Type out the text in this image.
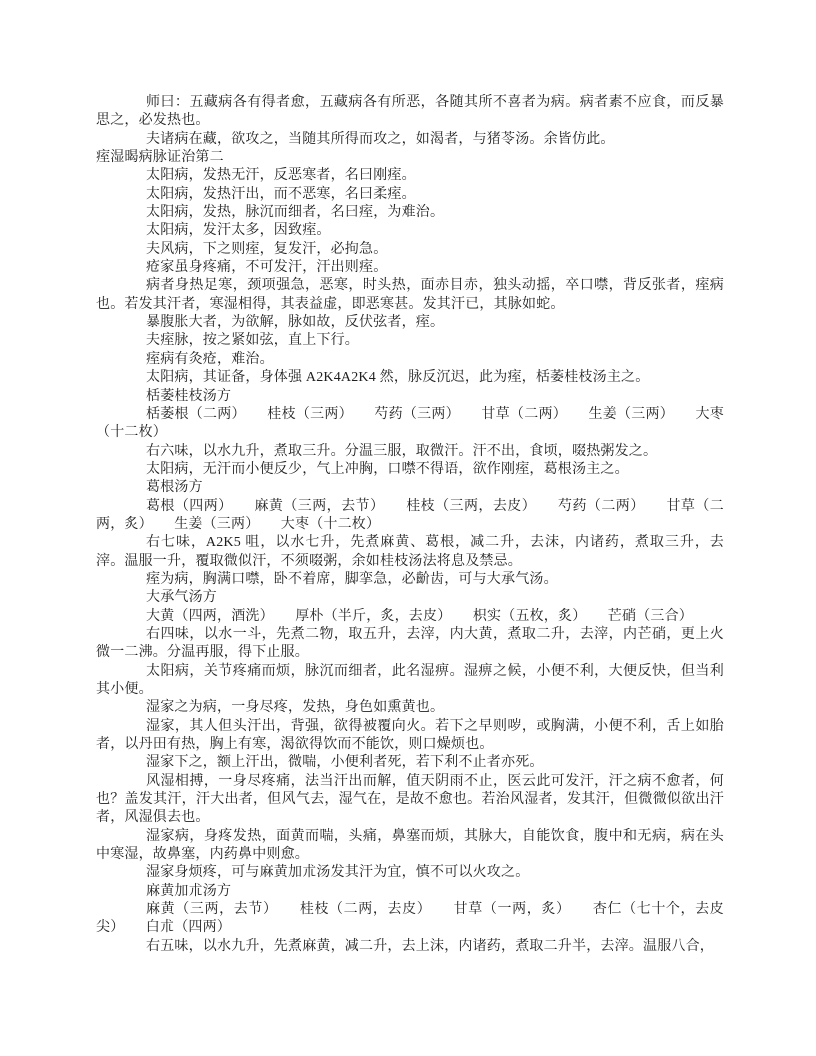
师曰：五藏病各有得者愈，五藏病各有所恶，各随其所不喜者为病。病者素不应食，而反暴思之，必发热也。

夫诸病在藏，欲攻之，当随其所得而攻之，如渴者，与猪苓汤。余皆仿此。

痓湿暍病脉证治第二

太阳病，发热无汗，反恶寒者，名曰刚痓。

太阳病，发热汗出，而不恶寒，名曰柔痓。

太阳病，发热，脉沉而细者，名曰痓，为难治。

太阳病，发汗太多，因致痓。

夫风病，下之则痓，复发汗，必拘急。

疮家虽身疼痛，不可发汗，汗出则痓。

病者身热足寒，颈项强急，恶寒，时头热，面赤目赤，独头动摇，卒口噤，背反张者，痓病也。若发其汗者，寒湿相得，其表益虚，即恶寒甚。发其汗已，其脉如蛇。

暴腹胀大者，为欲解，脉如故，反伏弦者，痓。

夫痓脉，按之紧如弦，直上下行。

痓病有灸疮，难治。

太阳病，其证备，身体强 A2K4A2K4 然，脉反沉迟，此为痓，栝萎桂枝汤主之。

栝萎桂枝汤方

栝萎根（二两）　　桂枝（三两）　　芍药（三两）　　甘草（二两）　　生姜（三两）　　大枣（十二枚）

右六味，以水九升，煮取三升。分温三服，取微汗。汗不出，食顷，啜热粥发之。

太阳病，无汗而小便反少，气上冲胸，口噤不得语，欲作刚痓，葛根汤主之。

葛根汤方

葛根（四两）　　麻黄（三两，去节）　　桂枝（三两，去皮）　　芍药（二两）　　甘草（二两，炙）　　生姜（三两）　　大枣（十二枚）

右七味，A2K5 咀，以水七升，先煮麻黄、葛根，减二升，去沫，内诸药，煮取三升，去滓。温服一升，覆取微似汗，不须啜粥，余如桂枝汤法将息及禁忌。

痓为病，胸满口噤，卧不着席，脚挛急，必齘齿，可与大承气汤。

大承气汤方

大黄（四两，酒洗）　　厚朴（半斤，炙，去皮）　　枳实（五枚，炙）　　芒硝（三合）

右四味，以水一斗，先煮二物，取五升，去滓，内大黄，煮取二升，去滓，内芒硝，更上火微一二沸。分温再服，得下止服。

太阳病，关节疼痛而烦，脉沉而细者，此名湿痹。湿痹之候，小便不利，大便反快，但当利其小便。

湿家之为病，一身尽疼，发热，身色如熏黄也。

湿家，其人但头汗出，背强，欲得被覆向火。若下之早则哕，或胸满，小便不利，舌上如胎者，以丹田有热，胸上有寒，渴欲得饮而不能饮，则口燥烦也。

湿家下之，额上汗出，微喘，小便利者死，若下利不止者亦死。

风湿相搏，一身尽疼痛，法当汗出而解，值天阴雨不止，医云此可发汗，汗之病不愈者，何也？盖发其汗，汗大出者，但风气去，湿气在，是故不愈也。若治风湿者，发其汗，但微微似欲出汗者，风湿俱去也。

湿家病，身疼发热，面黄而喘，头痛，鼻塞而烦，其脉大，自能饮食，腹中和无病，病在头中寒湿，故鼻塞，内药鼻中则愈。

湿家身烦疼，可与麻黄加朮汤发其汗为宜，慎不可以火攻之。

麻黄加朮汤方

麻黄（三两，去节）　　桂枝（二两，去皮）　　甘草（一两，炙）　　杏仁（七十个，去皮尖）　　白朮（四两）

右五味，以水九升，先煮麻黄，减二升，去上沫，内诸药，煮取二升半，去滓。温服八合，
